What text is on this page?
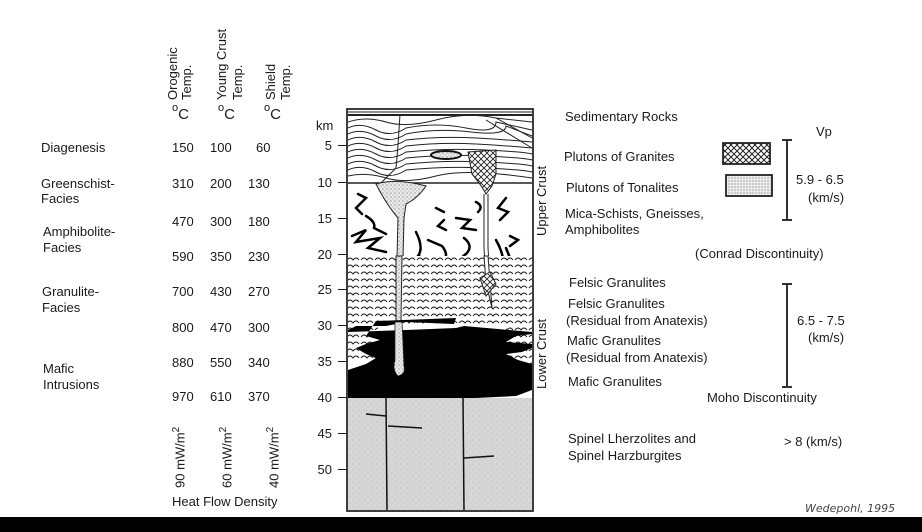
Orogenic Temp. Young Crust Temp. Shield Temp.
$^o$C	$^o$C	$^o$C
km
Diagenesis
Greenschist-
Facies
Amphibolite-
Facies
Granulite-
Facies
Mafic
Intrusions
150 100 60
310 200 130
470 300 180
590 350 230
700 430 270
800 470 300
880 550 340
970 610 370
90 $mW/m^2$
60 $mW/m^2$
40 $mW/m^2$
Heat Flow Density
5
10
15
20
25
30
35
40
45
50
Upper Crust
Lower Crust
Sedimentary Rocks
Plutons of Granites
Plutons of Tonalites
Mica-Schists, Gneisses,
Amphibolites
(Conrad Discontinuity)
Felsic Granulites
Felsic Granulites
(Residual from Anatexis)
Mafic Granulites
(Residual from Anatexis)
Mafic Granulites
Moho Discontinuity
Spinel Lherzolites and
Spinel Harzburgites
Vp
5.9 - 6.5
(km/s)
6.5 - 7.5
(km/s)
> 8 (km/s)
Wedepohl, 1995
